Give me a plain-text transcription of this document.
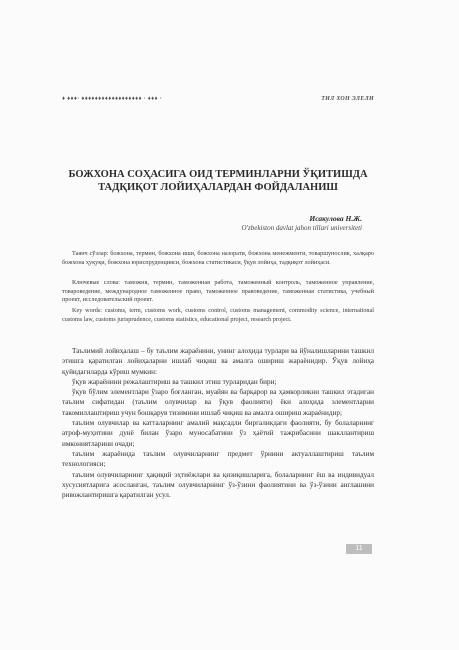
♦ ♦♦♦· ♦♦♦♦♦♦♦♦♦♦♦♦♦♦♦♦♦♦ · ♦♦♦ ·	ТИЛ ХОН ЭЛЕЛИ
БОЖХОНА СОҲАСИГА ОИД ТЕРМИНЛАРНИ ЎҚИТИШДА
ТАДҚИҚОТ ЛОЙИҲАЛАРДАН ФОЙДАЛАНИШ
Исакулова Н.Ж.
O'zbekiston davlat jahon tillari universiteti
Таянч сўзлар: божхона, термин, божхона иши, божхона назорати, божхона менежменти, товаршунослик, халқаро божхона ҳуқуқи, божхона юриспруденцияси, божхона статистикаси, ўқув лойиҳа, тадқиқот лойиҳаси.
Ключевые слова: таможня, термин, таможенная работа, таможенный контроль, таможенное управление, товароведение, международное таможенное право, таможенное правоведение, таможенная статистика, учебный проект, исследовательский проект.
Key words: customs, term, customs work, customs control, customs management, commodity science, international customs law, customs jurisprudence, customs statistics, educational project, research project.

Таълимий лойиҳалаш – бу таълим жараёнини, унинг алоҳида турлари ва йўналишларини ташкил этишга қаратилган лойиҳаларни ишлаб чиқиш ва амалга ошириш жараёнидир. Ўқув лойиҳа қуйидагиларда кўриш мумкин:

ўқув жараёнини режалаштириш ва ташкил этиш турларидан бири;

ўқув бўлим элементлари ўзаро боғланган, муайян ва барқарор ва ҳамкорликни ташкил этадиган таълим сифатидан (таълим олувчилар ва ўқув фаолияти) ёки алоҳида элементларни такомиллаштириш учун бошқарув тизимини ишлаб чиқиш ва амалга ошириш жараёнидир;

таълим олувчилар ва катталарнинг амалий мақсадли биргаликдаги фаолияти, бу болаларнинг атроф-муҳитини дунё билан ўзаро муносабатини ўз ҳаётий тажрибасини шакллантириш имкониятларини очади;

таълим жараёнида таълим олувчиларнинг предмет ўрнини актуаллаштириш таълим технологияси;

таълим олувчиларнинг ҳақиқий эҳтиёжлари ва қизиқишларига, болаларнинг ёш ва индивидуал хусусиятларига асосланган, таълим олувчиларнинг ўз-ўзини фаолиятини ва ўз-ўзини англашини ривожлантиришга қаратилган усул.

11
